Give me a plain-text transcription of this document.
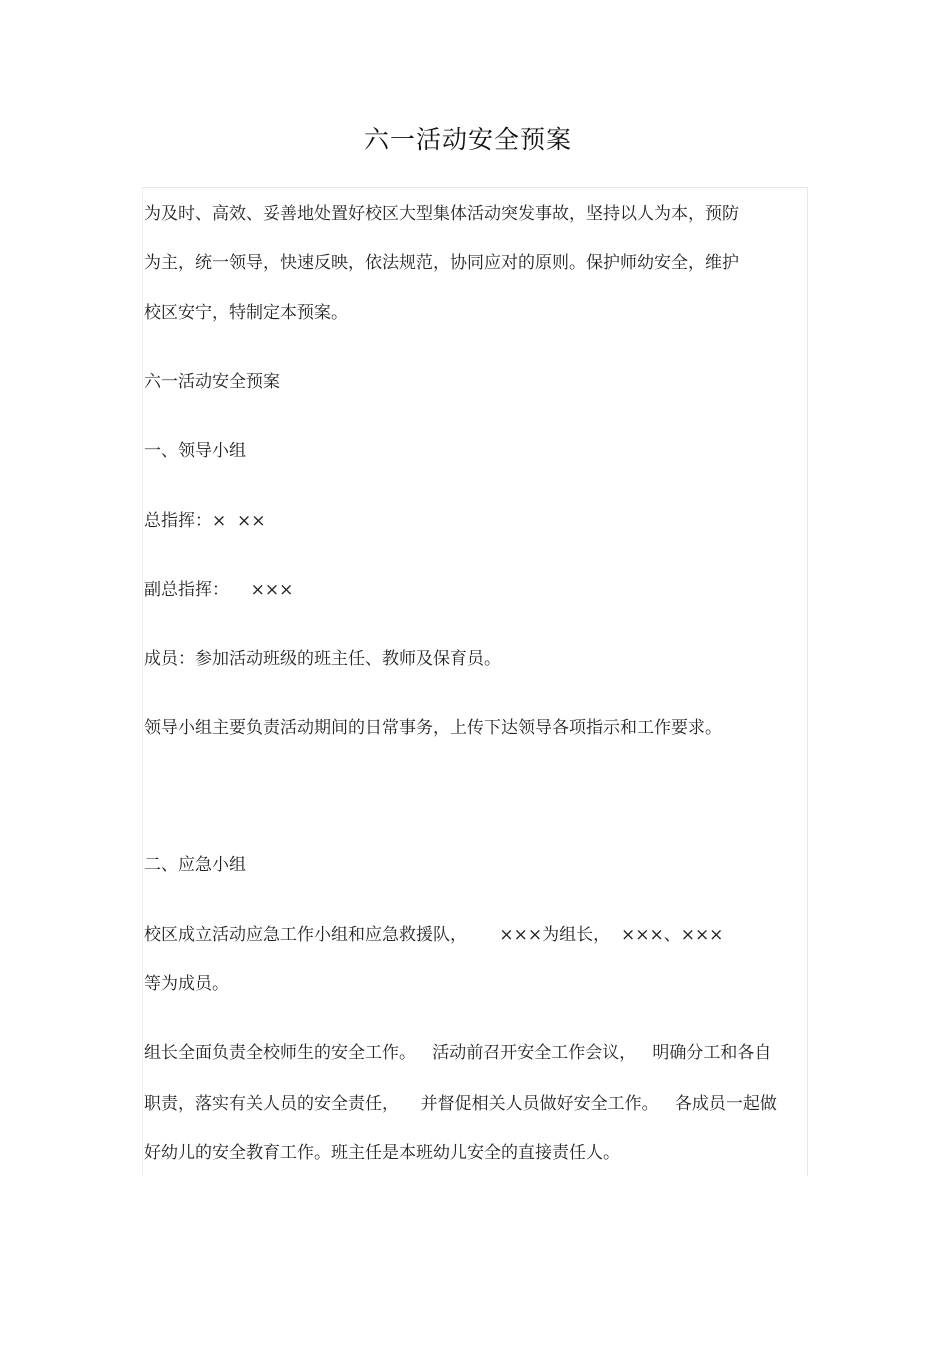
六一活动安全预案
为及时、高效、妥善地处置好校区大型集体活动突发事故，坚持以人为本，预防
为主，统一领导，快速反映，依法规范，协同应对的原则。保护师幼安全，维护
校区安宁，特制定本预案。
六一活动安全预案
一、领导小组
总指挥：×  ××
副总指挥：    ×××
成员：参加活动班级的班主任、教师及保育员。
领导小组主要负责活动期间的日常事务，上传下达领导各项指示和工作要求。
二、应急小组
校区成立活动应急工作小组和应急救援队，      ×××为组长，  ×××、×××
等为成员。
组长全面负责全校师生的安全工作。   活动前召开安全工作会议，   明确分工和各自
职责，落实有关人员的安全责任，    并督促相关人员做好安全工作。   各成员一起做
好幼儿的安全教育工作。班主任是本班幼儿安全的直接责任人。
